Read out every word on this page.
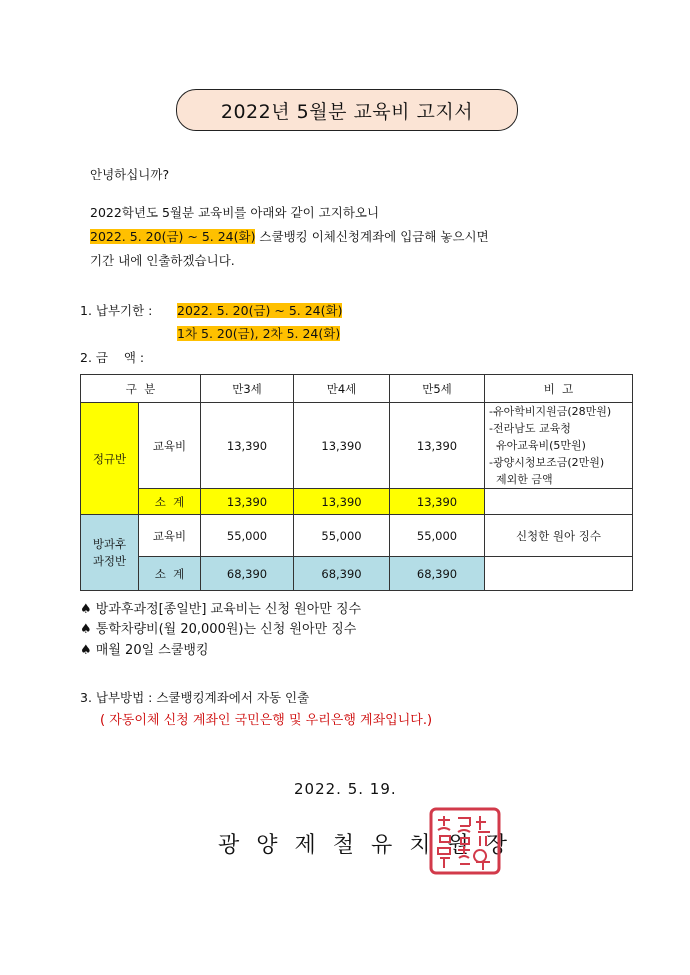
2022년 5월분 교육비 고지서
안녕하십니까?
2022학년도 5월분 교육비를 아래와 같이 고지하오니
2022. 5. 20(금) ~ 5. 24(화) 스쿨뱅킹 이체신청계좌에 입금해 놓으시면
기간 내에 인출하겠습니다.
1. 납부기한 : 2022. 5. 20(금) ~ 5. 24(화)
1차 5. 20(금), 2차 5. 24(화)
2. 금    액 :
구  분		만3세	만4세	만5세	비  고
정규반	교육비	13,390	13,390	13,390	-유아학비지원금(28만원)
-전라남도 교육청
유아교육비(5만원)
-광양시청보조금(2만원)
제외한 금액

	소  계	13,390	13,390	13,390	

방과후
과정반	교육비	55,000	55,000	55,000	신청한 원아 징수
	소  계	68,390	68,390	68,390	
♠ 방과후과정[종일반] 교육비는 신청 원아만 징수
♠ 통학차량비(월 20,000원)는 신청 원아만 징수
♠ 매월 20일 스쿨뱅킹
3. 납부방법 : 스쿨뱅킹계좌에서 자동 인출
( 자동이체 신청 계좌인 국민은행 및 우리은행 계좌입니다.)
2022. 5. 19.
광양제철유치원장
